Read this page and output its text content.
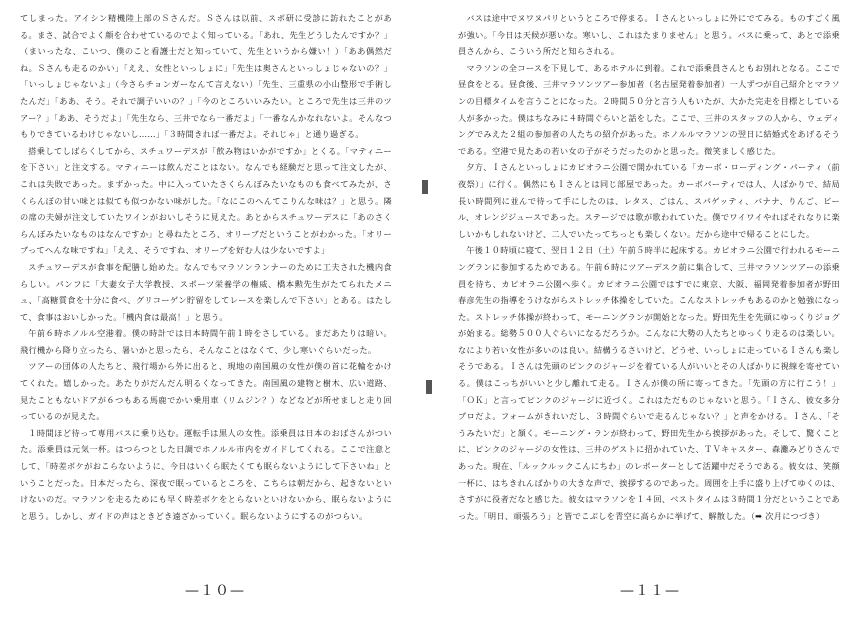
てしまった。アイシン精機陸上部のＳさんだ。Ｓさんは以前、スポ研に受診に訪れたことがある。まさ、試合でよく顔を合わせているのでよく知っている。「あれ、先生どうしたんですか？」（まいったな、こいつ、僕のこと看護士だと知っていて、先生というから嫌い！）「ああ偶然だね。Ｓさんも走るのかい」「ええ、女性といっしょに」「先生は奥さんといっしょじゃないの？」「いっしょじゃないよ」（今さらチョンガーなんて言えない）「先生、三重県の小山整形で手術したんだ」「ああ、そう。それで調子いいの？」「今のところいいみたい。ところで先生は三井のツアー？」「ああ、そうだよ」「先生なら、三井でなら一番だよ」「一番なんかなれないよ。そんなつもりできているわけじゃないし……」「３時間きれば一番だよ。それじゃ」と通り過ぎる。

搭乗してしばらくしてから、スチュワーデスが「飲み物はいかがですか」とくる。「マティニーを下さい」と注文する。マティニーは飲んだことはない。なんでも経験だと思って注文したが、これは失敗であった。まずかった。中に入っていたさくらんぼみたいなものも食べてみたが、さくらんぼの甘い味とは似ても似つかない味がした。「なにこのへんてこりんな味は？」と思う。隣の席の夫婦が注文していたワインがおいしそうに見えた。あとからスチュワーデスに「あのさくらんぼみたいなものはなんですか」と尋ねたところ、オリーブだということがわかった。「オリーブってへんな味ですね」「ええ、そうですね、オリーブを好む人は少ないですよ」

スチュワーデスが食事を配膳し始めた。なんでもマラソンランナーのために工夫された機内食らしい。パンフに「大妻女子大学教授、スポーツ栄養学の権威、橋本勲先生がたてられたメニュ、「高糖質食を十分に食べ、グリコーゲン貯留をしてレースを楽しんで下さい」とある。はたして、食事はおいしかった。「機内食は最高！」と思う。

午前６時ホノルル空港着。僕の時計では日本時間午前１時をさしている。まだあたりは暗い。飛行機から降り立ったら、暑いかと思ったら、そんなことはなくて、少し寒いぐらいだった。

ツアーの団体の人たちと、飛行場から外に出ると、現地の南国風の女性が僕の首に花輪をかけてくれた。嬉しかった。あたりがだんだん明るくなってきた。南国風の建物と樹木、広い道路、見たこともないドアが６つもある馬鹿でかい乗用車（リムジン？）などなどが所せましと走り回っているのが見えた。

１時間ほど待って専用バスに乗り込む。運転手は黒人の女性。添乗員は日本のおばさんがついた。添乗員は元気一杯。はつらつとした日調でホノルル市内をガイドしてくれる。ここで注意として、「時差ボケがおこらないように、今日はいくら眠たくても眠らないようにして下さいね」ということだった。日本だったら、深夜で眠っているところを、こちらは朝だから、起きないといけないのだ。マラソンを走るためにも早く時差ボケをとらないといけないから、眠らないようにと思う。しかし、ガイドの声はときどき遠ざかっていく。眠らないようにするのがつらい。

バスは途中でヌワヌパリというところで停まる。Ｉさんといっしょに外にでてみる。ものすごく風が強い。「今日は天候が悪いな。寒いし、これはたまりません」と思う。バスに乗って、あとで添乗員さんから、こういう所だと知らされる。

マラソンの全コースを下見して、あるホテルに到着。これで添乗員さんともお別れとなる。ここで昼食をとる。昼食後、三井マラソンツアー参加者（名古屋発着参加者）一人ずつが自己紹介とマラソンの目標タイムを言うことになった。２時間５０分と言う人もいたが、大かた完走を目標としている人が多かった。僕はちなみに４時間ぐらいと話をした。ここで、三井のスタッフの人から、ウェディングでみえた２組の参加者の人たちの紹介があった。ホノルルマラソンの翌日に結婚式をあげるそうである。空港で見たあの若い女の子がそうだったのかと思った。微笑ましく感じた。

夕方、Ｉさんといっしょにカピオラニ公園で開かれている「カーボ・ローディング・パーティ（前夜祭）」に行く。偶然にもＩさんとは同じ部屋であった。カーボパーティでは人、人ばかりで、結局長い時間列に並んで待って手にしたのは、レタス、ごはん、スパゲッティ、バナナ、りんご、ビール、オレンジジュースであった。ステージでは歌が歌われていた。僕でワイワイやればそれなりに楽しいかもしれないけど、二人でいたってちっとも楽しくない。だから途中で帰ることにした。

午後１０時頃に寝て、翌日１２日（土）午前５時半に起床する。カピオラニ公園で行われるモーニングランに参加するためである。午前６時にツアーデスク前に集合して、三井マラソンツアーの添乗員を待ち、カピオラニ公園へ歩く。カピオラニ公園ではすでに東京、大阪、福岡発着参加者が野田春彦先生の指導をうけながらストレッチ体操をしていた。こんなストレッチもあるのかと勉強になった。ストレッチ体操が終わって、モーニングランが開始となった。野田先生を先頭にゆっくりジョグが始まる。総勢５００人ぐらいになるだろうか。こんなに大勢の人たちとゆっくり走るのは楽しい。なにより若い女性が多いのは良い。結構うるさいけど、どうせ、いっしょに走っているＩさんも楽しそうである。Ｉさんは先頭のピンクのジャージを着ている人がいいとその人ばかりに視線を寄せている。僕はこっちがいいと少し離れて走る。Ｉさんが僕の所に寄ってきた。「先頭の方に行こう！」「ＯＫ」と言ってピンクのジャージに近づく。これはただものじゃないと思う。「Ｉさん、彼女多分プロだよ。フォームがきれいだし、３時間ぐらいで走るんじゃない？」と声をかける。Ｉさん、「そうみたいだ」と頷く。モーニング・ランが終わって、野田先生から挨拶があった。そして、驚くことに、ピンクのジャージの女性は、三井のゲストに招かれていた、ＴＶキャスター、森灘みどりさんであった。現在、「ルックルックこんにちわ」のレポーターとして活躍中だそうである。彼女は、笑顔一杯に、はちきれんばかりの大きな声で、挨拶するのであった。周囲を上手に盛り上げてゆくのは、さすがに役者だなと感じた。彼女はマラソンを１４回、ベストタイムは３時間１分だということであった。「明日、頑張ろう」と皆でこぶしを青空に高らかに挙げて、解散した。（➡ 次月につづき）

—１０—	—１１—
